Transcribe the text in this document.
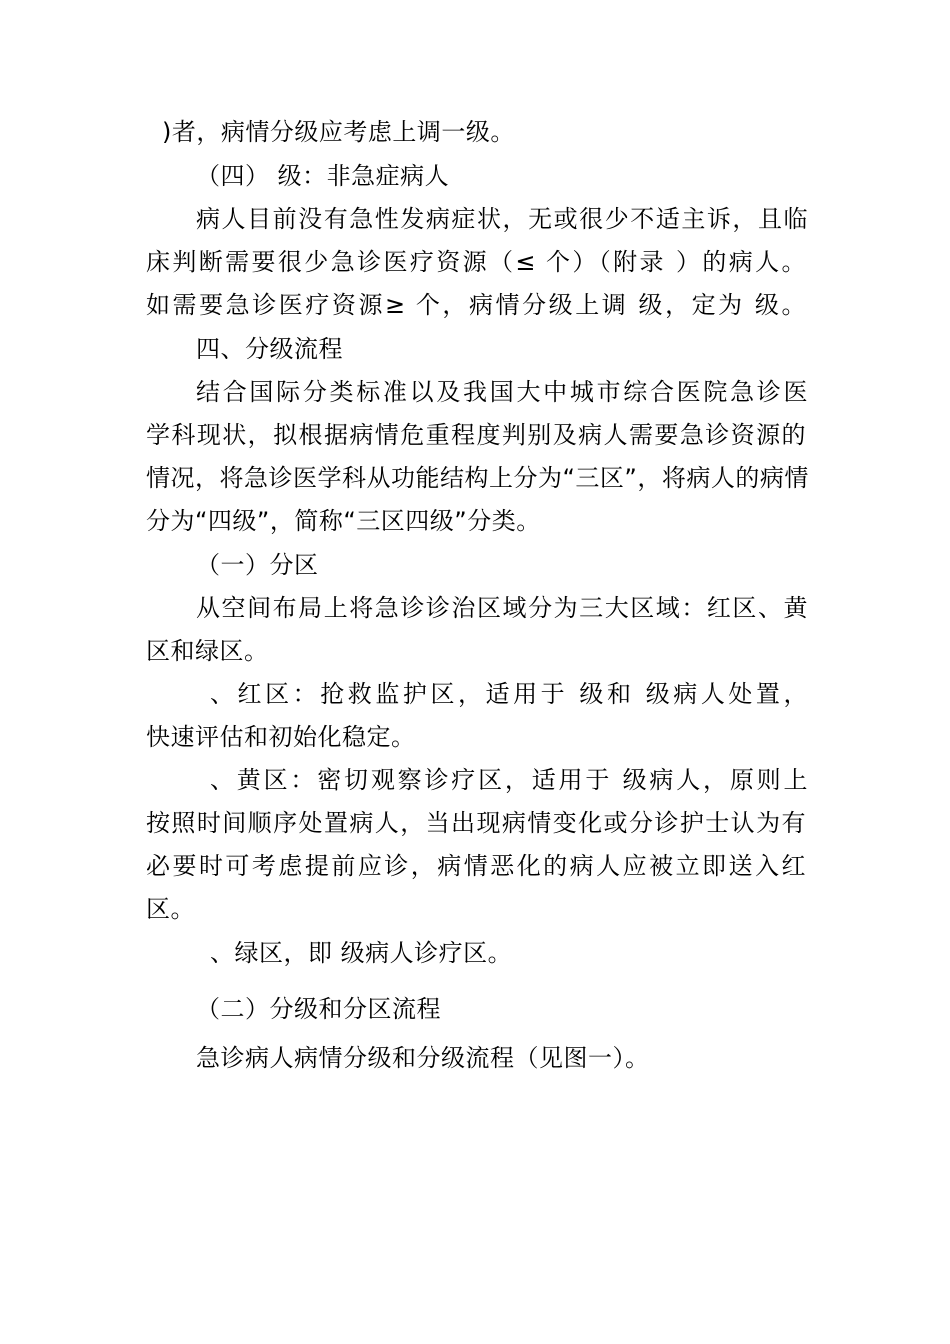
)者，病情分级应考虑上调一级。
（四） 级：非急症病人
病人目前没有急性发病症状，无或很少不适主诉，且临
床判断需要很少急诊医疗资源（≤ 个）（附录 ）的病人。
如需要急诊医疗资源≥ 个，病情分级上调 级，定为 级。
四、分级流程
结合国际分类标准以及我国大中城市综合医院急诊医
学科现状，拟根据病情危重程度判别及病人需要急诊资源的
情况，将急诊医学科从功能结构上分为“三区”，将病人的病情
分为“四级”，简称“三区四级”分类。
（一）分区
从空间布局上将急诊诊治区域分为三大区域：红区、黄
区和绿区。
、红区：抢救监护区，适用于 级和 级病人处置，
快速评估和初始化稳定。
、黄区：密切观察诊疗区，适用于 级病人，原则上
按照时间顺序处置病人，当出现病情变化或分诊护士认为有
必要时可考虑提前应诊，病情恶化的病人应被立即送入红
区。
、绿区，即 级病人诊疗区。
（二）分级和分区流程
急诊病人病情分级和分级流程（见图一）。
